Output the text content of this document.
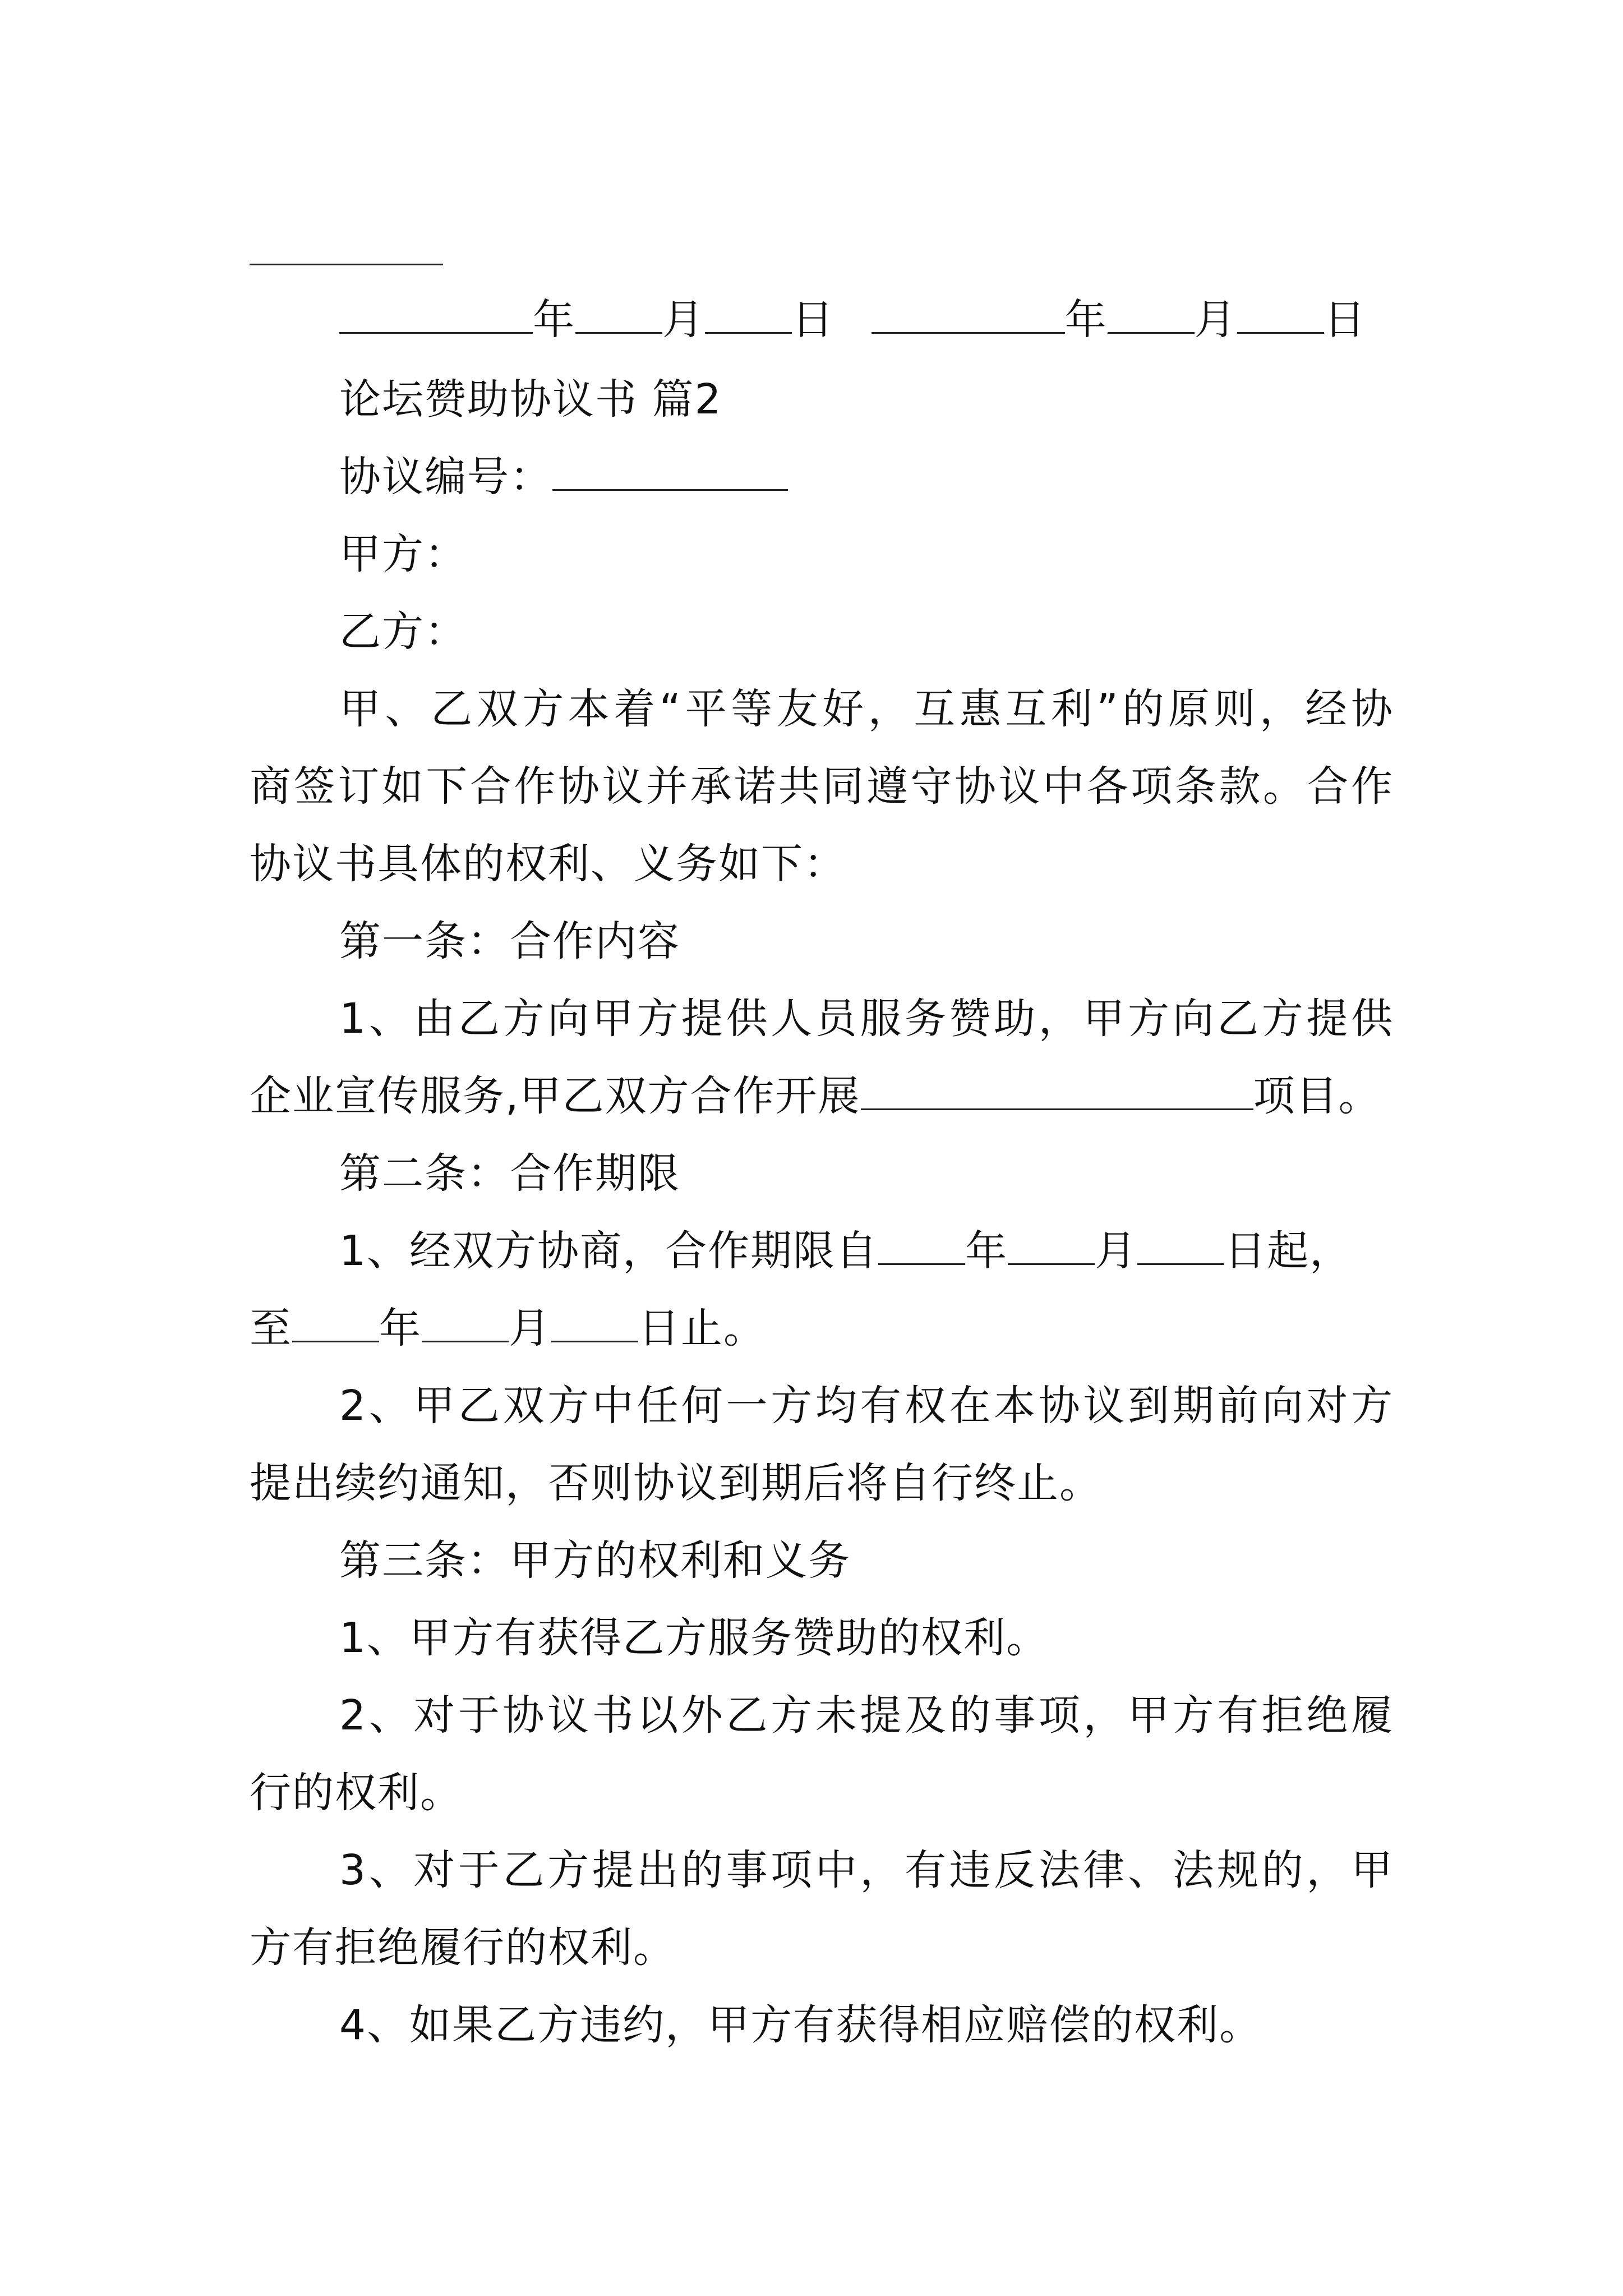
年 月 日	年 月 日
论坛赞助协议书 篇2
协议编号：
甲方：
乙方：
甲、乙双方本着“平等友好，互惠互利”的原则，经协
商签订如下合作协议并承诺共同遵守协议中各项条款。合作
协议书具体的权利、义务如下：
第一条：合作内容
1、由乙方向甲方提供人员服务赞助，甲方向乙方提供
企业宣传服务,甲乙双方合作开展	项目。
第二条：合作期限
1、经双方协商，合作期限自 年 月 日起，
至 年 月 日止。
2、甲乙双方中任何一方均有权在本协议到期前向对方
提出续约通知，否则协议到期后将自行终止。
第三条：甲方的权利和义务
1、甲方有获得乙方服务赞助的权利。
2、对于协议书以外乙方未提及的事项，甲方有拒绝履
行的权利。
3、对于乙方提出的事项中，有违反法律、法规的，甲
方有拒绝履行的权利。
4、如果乙方违约，甲方有获得相应赔偿的权利。
